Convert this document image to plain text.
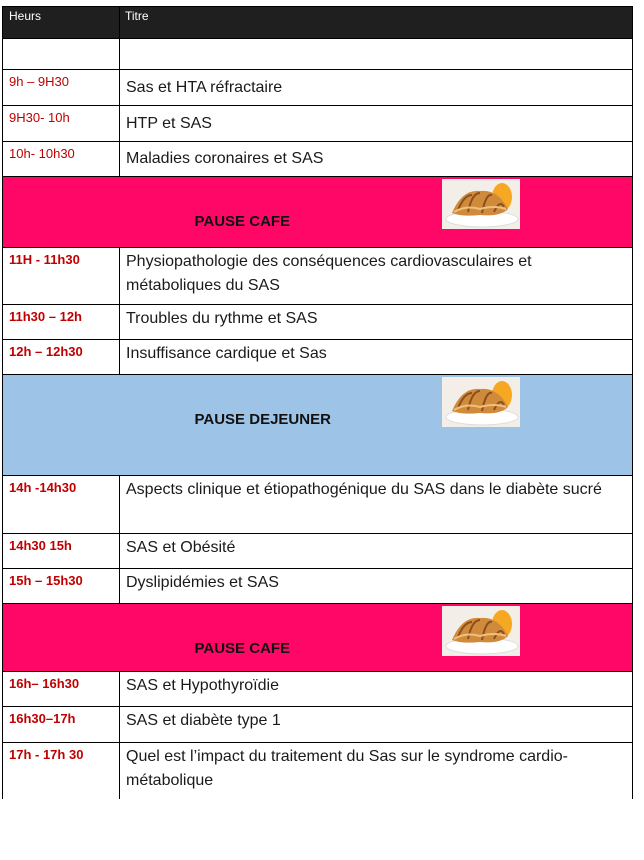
Heurs	Titre

9h – 9H30	Sas et HTA réfractaire
9H30- 10h	HTP et SAS
10h- 10h30	Maladies coronaires et SAS

	PAUSE CAFE

11H - 11h30	Physiopathologie des conséquences cardiovasculaires et métaboliques du SAS
11h30 – 12h	Troubles du rythme et SAS
12h – 12h30	Insuffisance cardique et Sas

	PAUSE DEJEUNER

14h -14h30	Aspects clinique et étiopathogénique du SAS dans le diabète sucré
14h30 15h	SAS et Obésité
15h – 15h30	Dyslipidémies et SAS

	PAUSE CAFE

16h– 16h30	SAS et Hypothyroïdie
16h30–17h	SAS et diabète type 1
17h - 17h 30	Quel est l’impact du traitement du Sas sur le syndrome cardio-métabolique
